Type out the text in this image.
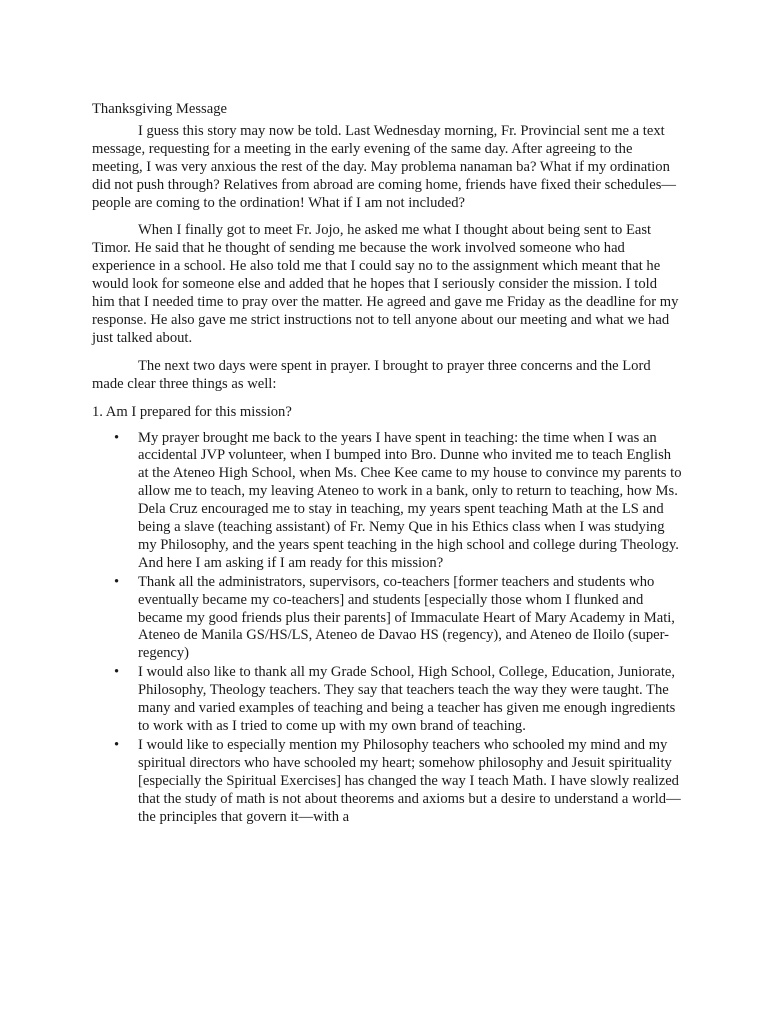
Thanksgiving Message

I guess this story may now be told. Last Wednesday morning, Fr. Provincial sent me a text message, requesting for a meeting in the early evening of the same day. After agreeing to the meeting, I was very anxious the rest of the day. May problema nanaman ba? What if my ordination did not push through? Relatives from abroad are coming home, friends have fixed their schedules—people are coming to the ordination! What if I am not included?

When I finally got to meet Fr. Jojo, he asked me what I thought about being sent to East Timor. He said that he thought of sending me because the work involved someone who had experience in a school. He also told me that I could say no to the assignment which meant that he would look for someone else and added that he hopes that I seriously consider the mission. I told him that I needed time to pray over the matter. He agreed and gave me Friday as the deadline for my response. He also gave me strict instructions not to tell anyone about our meeting and what we had just talked about.

The next two days were spent in prayer. I brought to prayer three concerns and the Lord made clear three things as well:

1. Am I prepared for this mission?

• My prayer brought me back to the years I have spent in teaching: the time when I was an accidental JVP volunteer, when I bumped into Bro. Dunne who invited me to teach English at the Ateneo High School, when Ms. Chee Kee came to my house to convince my parents to allow me to teach, my leaving Ateneo to work in a bank, only to return to teaching, how Ms. Dela Cruz encouraged me to stay in teaching, my years spent teaching Math at the LS and being a slave (teaching assistant) of Fr. Nemy Que in his Ethics class when I was studying my Philosophy, and the years spent teaching in the high school and college during Theology. And here I am asking if I am ready for this mission?
• Thank all the administrators, supervisors, co-teachers [former teachers and students who eventually became my co-teachers] and students [especially those whom I flunked and became my good friends plus their parents] of Immaculate Heart of Mary Academy in Mati, Ateneo de Manila GS/HS/LS, Ateneo de Davao HS (regency), and Ateneo de Iloilo (super-regency)
• I would also like to thank all my Grade School, High School, College, Education, Juniorate, Philosophy, Theology teachers. They say that teachers teach the way they were taught. The many and varied examples of teaching and being a teacher has given me enough ingredients to work with as I tried to come up with my own brand of teaching.
• I would like to especially mention my Philosophy teachers who schooled my mind and my spiritual directors who have schooled my heart; somehow philosophy and Jesuit spirituality [especially the Spiritual Exercises] has changed the way I teach Math. I have slowly realized that the study of math is not about theorems and axioms but a desire to understand a world—the principles that govern it—with a
